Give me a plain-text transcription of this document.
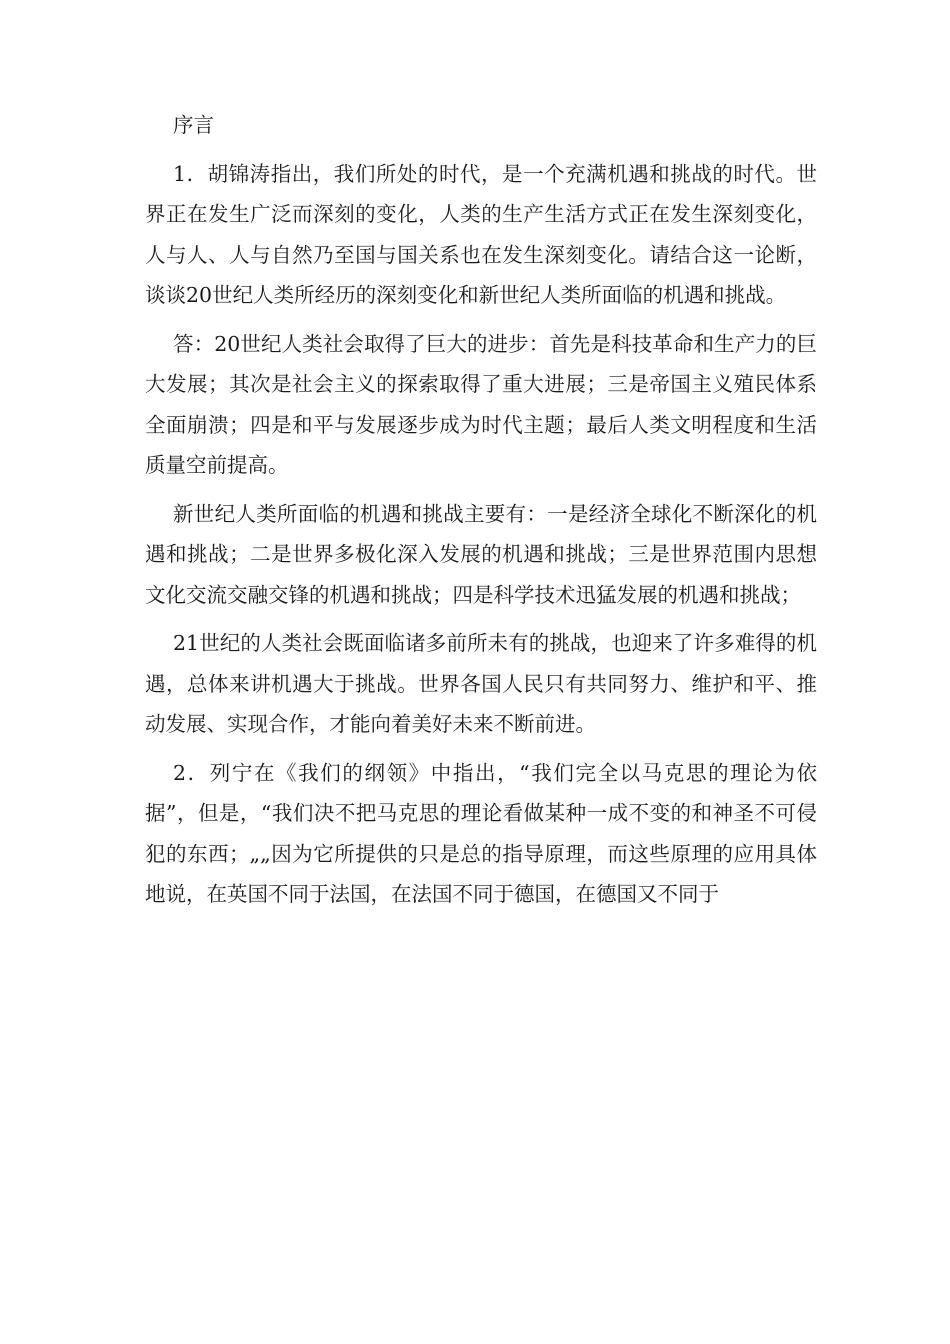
序言

1．胡锦涛指出，我们所处的时代，是一个充满机遇和挑战的时代。世界正在发生广泛而深刻的变化，人类的生产生活方式正在发生深刻变化，人与人、人与自然乃至国与国关系也在发生深刻变化。请结合这一论断，谈谈20世纪人类所经历的深刻变化和新世纪人类所面临的机遇和挑战。

答：20世纪人类社会取得了巨大的进步：首先是科技革命和生产力的巨大发展；其次是社会主义的探索取得了重大进展；三是帝国主义殖民体系全面崩溃；四是和平与发展逐步成为时代主题；最后人类文明程度和生活质量空前提高。

新世纪人类所面临的机遇和挑战主要有：一是经济全球化不断深化的机遇和挑战；二是世界多极化深入发展的机遇和挑战；三是世界范围内思想文化交流交融交锋的机遇和挑战；四是科学技术迅猛发展的机遇和挑战；

21世纪的人类社会既面临诸多前所未有的挑战，也迎来了许多难得的机遇，总体来讲机遇大于挑战。世界各国人民只有共同努力、维护和平、推动发展、实现合作，才能向着美好未来不断前进。

2．列宁在《我们的纲领》中指出，“我们完全以马克思的理论为依据”，但是，“我们决不把马克思的理论看做某种一成不变的和神圣不可侵犯的东西；„„因为它所提供的只是总的指导原理，而这些原理的应用具体地说，在英国不同于法国，在法国不同于德国，在德国又不同于
